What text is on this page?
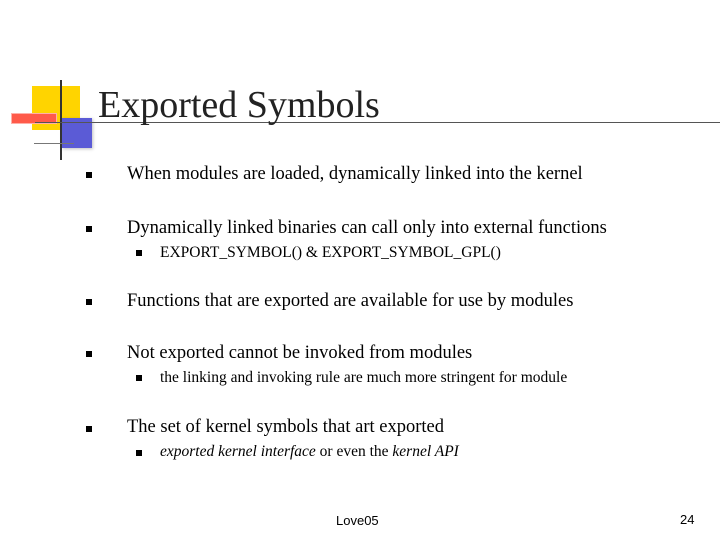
Exported Symbols
When modules are loaded, dynamically linked into the kernel
Dynamically linked binaries can call only into external functions
EXPORT_SYMBOL() & EXPORT_SYMBOL_GPL()
Functions that are exported are available for use by modules
Not exported cannot be invoked from modules
the linking and invoking rule are much more stringent for module
The set of kernel symbols that art exported
exported kernel interface or even the kernel API
Love05	24
